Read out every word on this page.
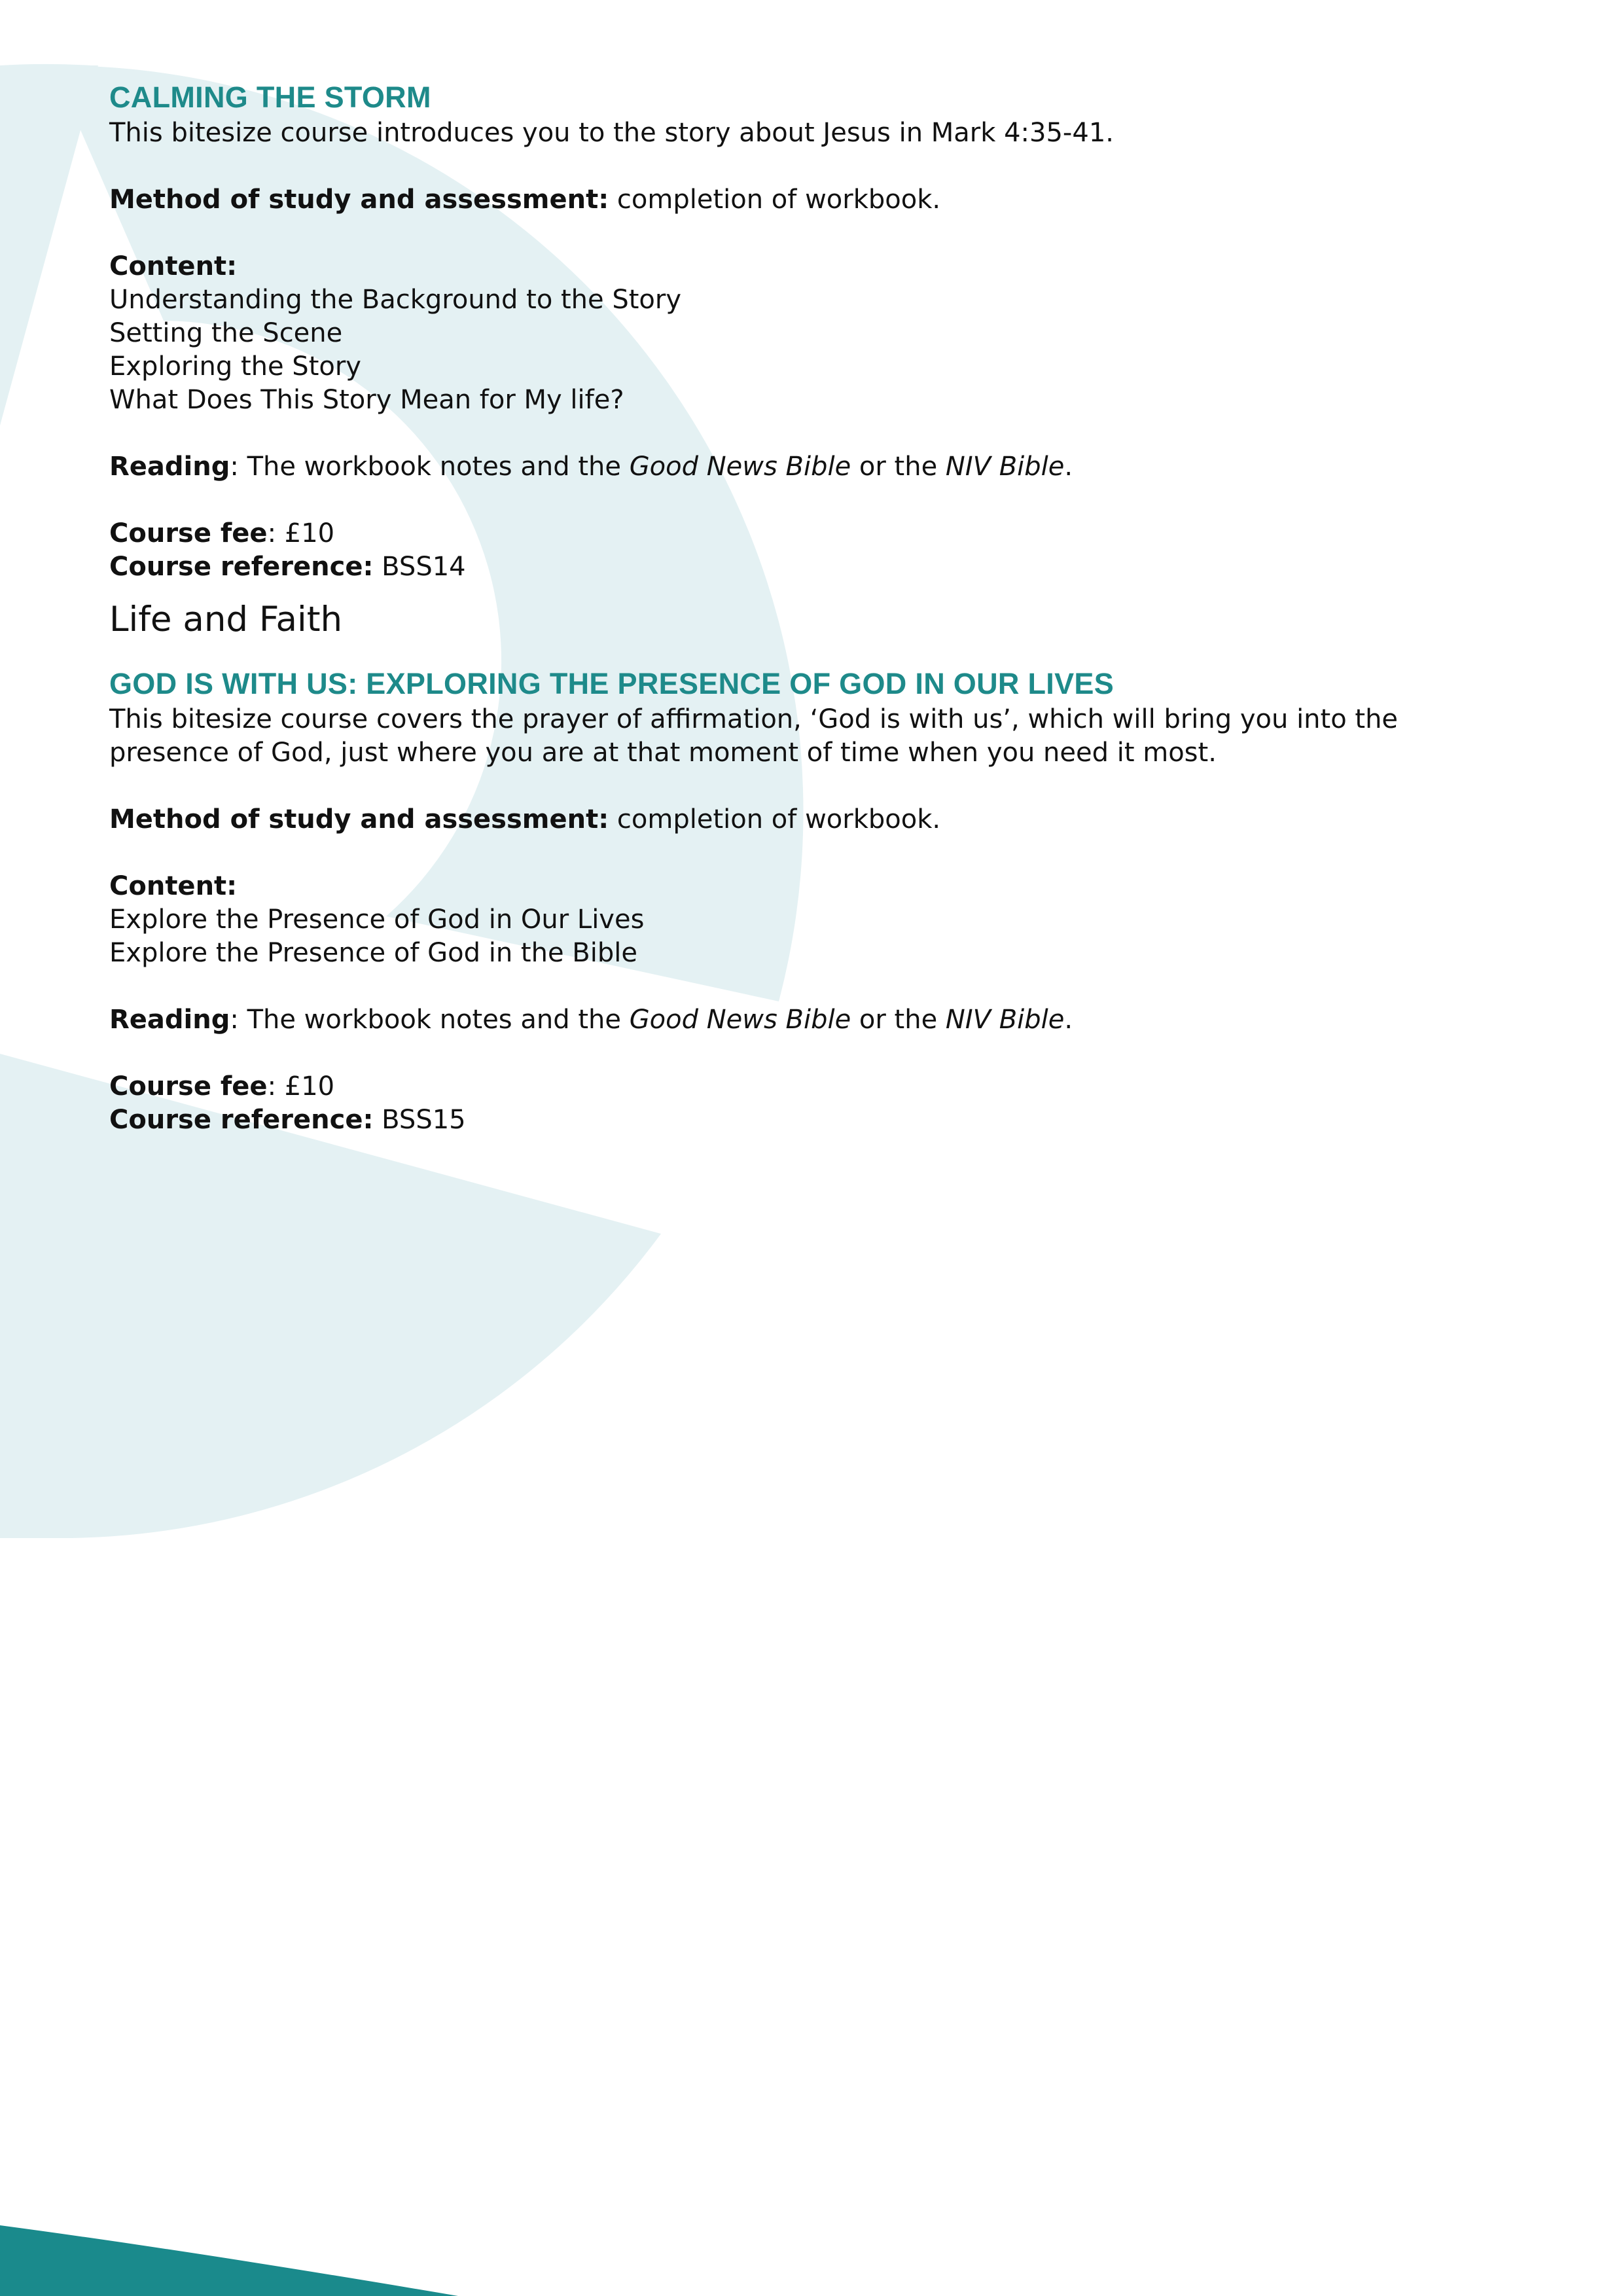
CALMING THE STORM

This bitesize course introduces you to the story about Jesus in Mark 4:35-41.

Method of study and assessment: completion of workbook.

Content:

Understanding the Background to the Story

Setting the Scene

Exploring the Story

What Does This Story Mean for My life?

Reading: The workbook notes and the Good News Bible or the NIV Bible.

Course fee: £10

Course reference: BSS14

Life and Faith
GOD IS WITH US: EXPLORING THE PRESENCE OF GOD IN OUR LIVES

This bitesize course covers the prayer of affirmation, ‘God is with us’, which will bring you into the presence of God, just where you are at that moment of time when you need it most.

Method of study and assessment: completion of workbook.

Content:

Explore the Presence of God in Our Lives

Explore the Presence of God in the Bible

Reading: The workbook notes and the Good News Bible or the NIV Bible.

Course fee: £10

Course reference: BSS15
